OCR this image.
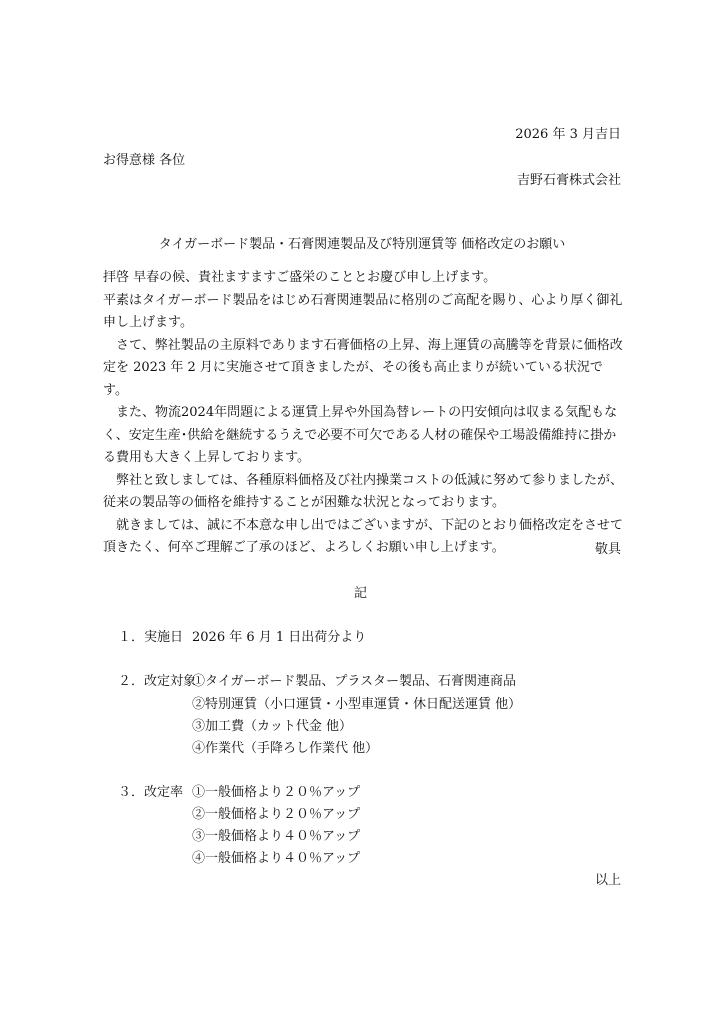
2026 年 3 月吉日
お得意様 各位
吉野石膏株式会社
タイガーボード製品・石膏関連製品及び特別運賃等 価格改定のお願い

拝啓 早春の候、貴社ますますご盛栄のこととお慶び申し上げます。

平素はタイガーボード製品をはじめ石膏関連製品に格別のご高配を賜り、心より厚く御礼申し上げます。

さて、弊社製品の主原料であります石膏価格の上昇、海上運賃の高騰等を背景に価格改定を 2023 年 2 月に実施させて頂きましたが、その後も高止まりが続いている状況です。

また、物流2024年問題による運賃上昇や外国為替レートの円安傾向は収まる気配もなく、安定生産･供給を継続するうえで必要不可欠である人材の確保や工場設備維持に掛かる費用も大きく上昇しております。

弊社と致しましては、各種原料価格及び社内操業コストの低減に努めて参りましたが、従来の製品等の価格を維持することが困難な状況となっております。

就きましては、誠に不本意な申し出ではございますが、下記のとおり価格改定をさせて頂きたく、何卒ご理解ご了承のほど、よろしくお願い申し上げます。	敬具
記
１．実施日 2026 年 6 月 1 日出荷分より
２．改定対象
①タイガーボード製品、プラスター製品、石膏関連商品
②特別運賃（小口運賃・小型車運賃・休日配送運賃 他）
③加工費（カット代金 他）
④作業代（手降ろし作業代 他）
３．改定率 ①一般価格より２０％アップ
②一般価格より２０％アップ
③一般価格より４０％アップ
④一般価格より４０％アップ
以上
